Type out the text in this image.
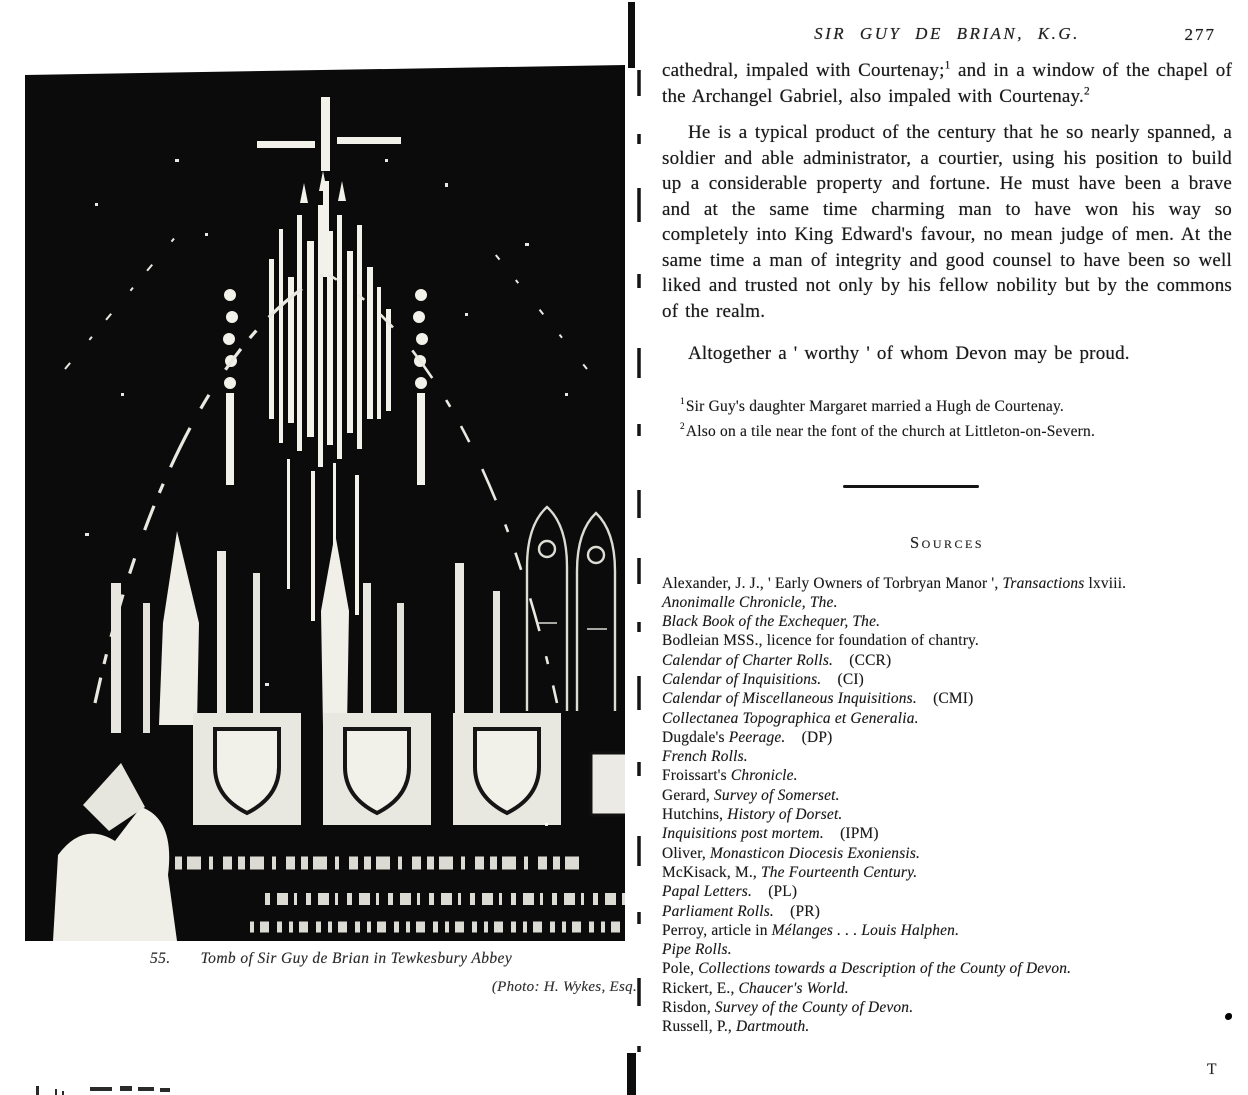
55. Tomb of Sir Guy de Brian in Tewkesbury Abbey
(Photo: H. Wykes, Esq.
SIR GUY DE BRIAN, K.G.	277

cathedral, impaled with Courtenay;$^1$ and in a window of the chapel of the Archangel Gabriel, also impaled with Courtenay.$^2$

He is a typical product of the century that he so nearly spanned, a soldier and able administrator, a courtier, using his position to build up a considerable property and fortune. He must have been a brave and at the same time charming man to have won his way so completely into King Edward's favour, no mean judge of men. At the same time a man of integrity and good counsel to have been so well liked and trusted not only by his fellow nobility but by the commons of the realm.

Altogether a ' worthy ' of whom Devon may be proud.

$^1$Sir Guy's daughter Margaret married a Hugh de Courtenay.
$^2$Also on a tile near the font of the church at Littleton-on-Severn.
Sources
Alexander, J. J., ' Early Owners of Torbryan Manor ', Transactions lxviii.
Anonimalle Chronicle, The.
Black Book of the Exchequer, The.
Bodleian MSS., licence for foundation of chantry.
Calendar of Charter Rolls.    (CCR)
Calendar of Inquisitions.    (CI)
Calendar of Miscellaneous Inquisitions.    (CMI)
Collectanea Topographica et Generalia.
Dugdale's Peerage.    (DP)
French Rolls.
Froissart's Chronicle.
Gerard, Survey of Somerset.
Hutchins, History of Dorset.
Inquisitions post mortem.    (IPM)
Oliver, Monasticon Diocesis Exoniensis.
McKisack, M., The Fourteenth Century.
Papal Letters.    (PL)
Parliament Rolls.    (PR)
Perroy, article in Mélanges . . . Louis Halphen.
Pipe Rolls.
Pole, Collections towards a Description of the County of Devon.
Rickert, E., Chaucer's World.
Risdon, Survey of the County of Devon.
Russell, P., Dartmouth.
T
